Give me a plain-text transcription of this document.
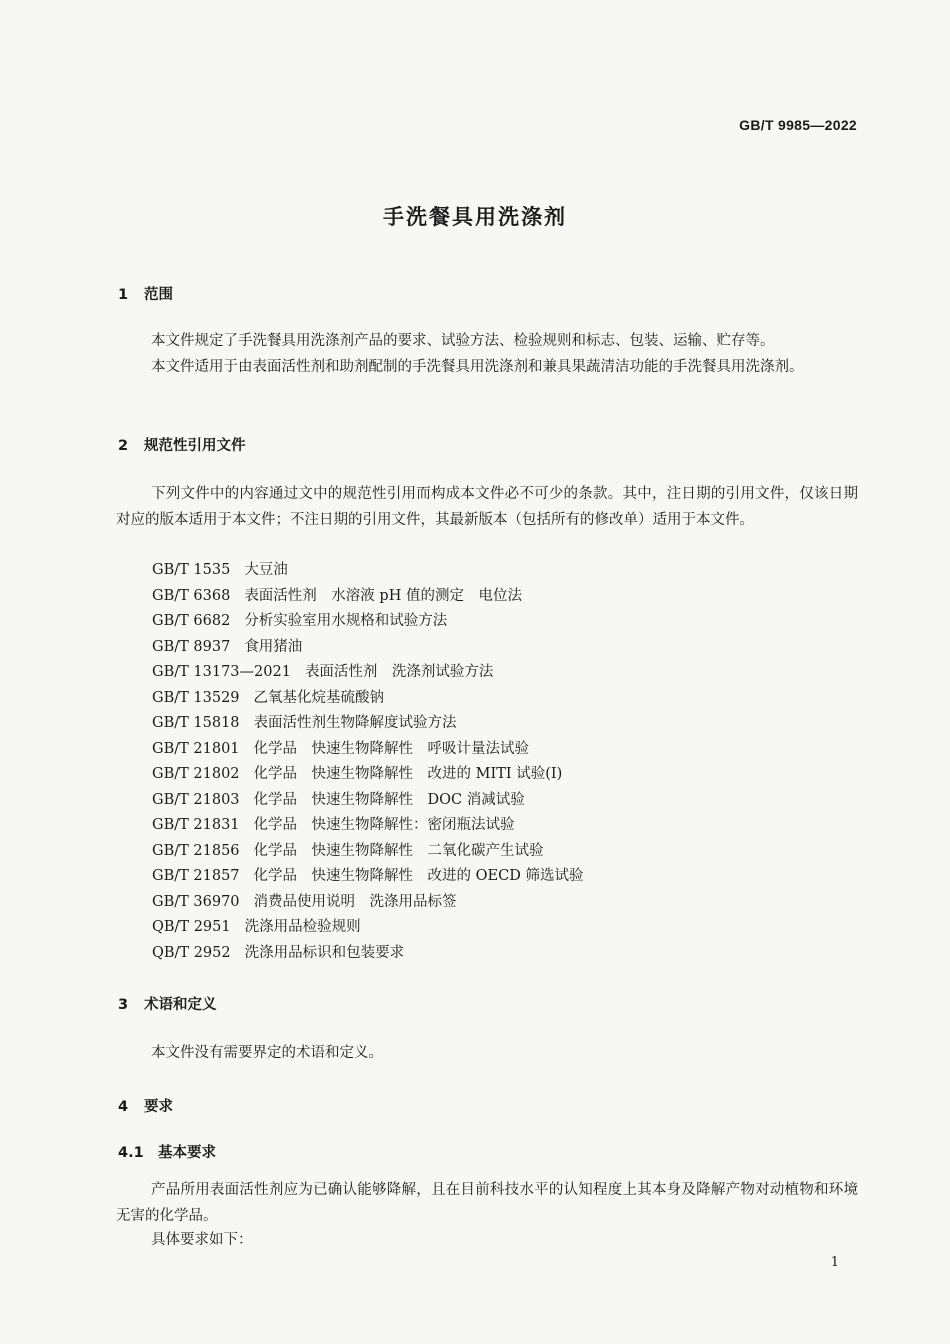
GB/T 9985—2022
手洗餐具用洗涤剂
1 范围

本文件规定了手洗餐具用洗涤剂产品的要求、试验方法、检验规则和标志、包装、运输、贮存等。

本文件适用于由表面活性剂和助剂配制的手洗餐具用洗涤剂和兼具果蔬清洁功能的手洗餐具用洗涤剂。

2 规范性引用文件

下列文件中的内容通过文中的规范性引用而构成本文件必不可少的条款。其中，注日期的引用文件，仅该日期对应的版本适用于本文件；不注日期的引用文件，其最新版本（包括所有的修改单）适用于本文件。

GB/T 1535 大豆油
GB/T 6368 表面活性剂　水溶液 pH 值的测定　电位法
GB/T 6682 分析实验室用水规格和试验方法
GB/T 8937 食用猪油
GB/T 13173—2021 表面活性剂　洗涤剂试验方法
GB/T 13529 乙氧基化烷基硫酸钠
GB/T 15818 表面活性剂生物降解度试验方法
GB/T 21801 化学品　快速生物降解性　呼吸计量法试验
GB/T 21802 化学品　快速生物降解性　改进的 MITI 试验(I)
GB/T 21803 化学品　快速生物降解性　DOC 消减试验
GB/T 21831 化学品　快速生物降解性：密闭瓶法试验
GB/T 21856 化学品　快速生物降解性　二氧化碳产生试验
GB/T 21857 化学品　快速生物降解性　改进的 OECD 筛选试验
GB/T 36970 消费品使用说明　洗涤用品标签
QB/T 2951 洗涤用品检验规则
QB/T 2952 洗涤用品标识和包装要求
3 术语和定义

本文件没有需要界定的术语和定义。

4 要求
4.1 基本要求

产品所用表面活性剂应为已确认能够降解，且在目前科技水平的认知程度上其本身及降解产物对动植物和环境无害的化学品。

具体要求如下：

1
